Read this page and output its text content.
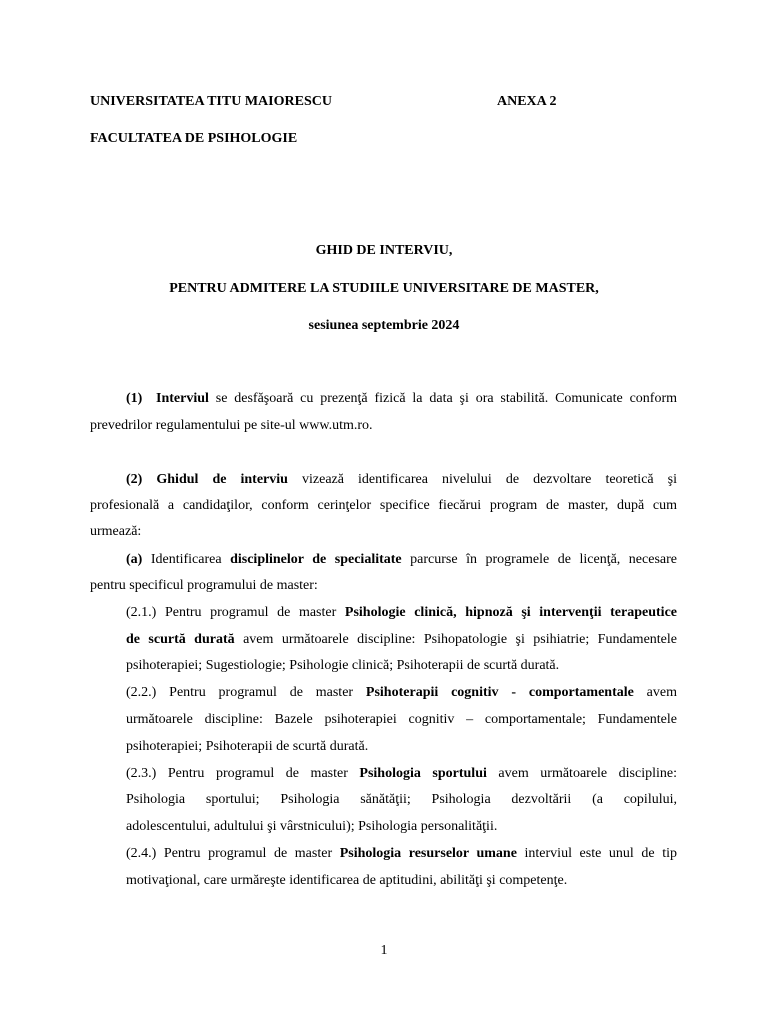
UNIVERSITATEA TITU MAIORESCU	ANEXA 2
FACULTATEA DE PSIHOLOGIE
GHID DE INTERVIU,
PENTRU ADMITERE LA STUDIILE UNIVERSITARE DE MASTER,
sesiunea septembrie 2024
(1) Interviul se desfăşoară cu prezenţă fizică la data şi ora stabilită. Comunicate conform
prevedrilor regulamentului pe site-ul www.utm.ro.
(2) Ghidul de interviu vizează identificarea nivelului de dezvoltare teoretică şi
profesională a candidaţilor, conform cerinţelor specifice fiecărui program de master, după cum
urmează:
(a) Identificarea disciplinelor de specialitate parcurse în programele de licenţă, necesare
pentru specificul programului de master:
(2.1.) Pentru programul de master Psihologie clinică, hipnoză şi intervenţii terapeutice
de scurtă durată avem următoarele discipline: Psihopatologie şi psihiatrie; Fundamentele
psihoterapiei; Sugestiologie; Psihologie clinică; Psihoterapii de scurtă durată.
(2.2.) Pentru programul de master Psihoterapii cognitiv - comportamentale avem
următoarele discipline: Bazele psihoterapiei cognitiv – comportamentale; Fundamentele
psihoterapiei; Psihoterapii de scurtă durată.
(2.3.) Pentru programul de master Psihologia sportului avem următoarele discipline:
Psihologia sportului; Psihologia sănătăţii; Psihologia dezvoltării (a copilului,
adolescentului, adultului şi vârstnicului); Psihologia personalităţii.
(2.4.) Pentru programul de master Psihologia resurselor umane interviul este unul de tip
motivaţional, care urmăreşte identificarea de aptitudini, abilităţi şi competenţe.
1
